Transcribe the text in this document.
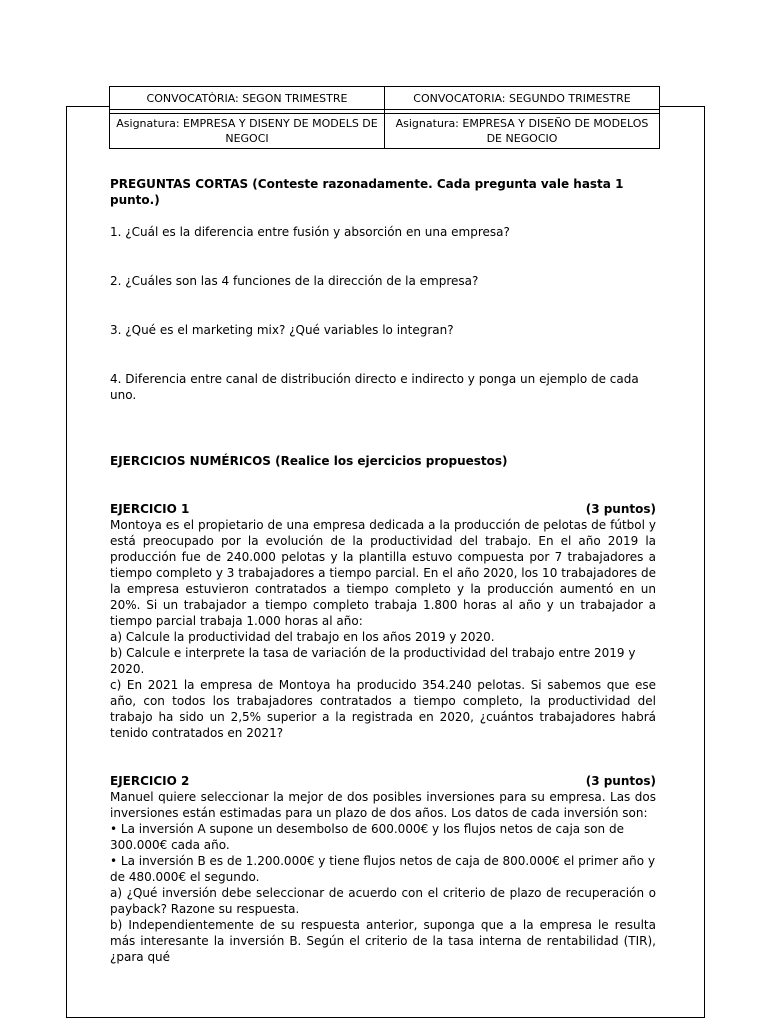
CONVOCATÒRIA: SEGON TRIMESTRE	CONVOCATORIA: SEGUNDO TRIMESTRE

Asignatura: EMPRESA Y DISENY DE MODELS DE NEGOCI	Asignatura: EMPRESA Y DISEÑO DE MODELOS DE NEGOCIO

PREGUNTAS CORTAS (Conteste razonadamente. Cada pregunta vale hasta 1 punto.)

1. ¿Cuál es la diferencia entre fusión y absorción en una empresa?

2. ¿Cuáles son las 4 funciones de la dirección de la empresa?

3. ¿Qué es el marketing mix? ¿Qué variables lo integran?

4. Diferencia entre canal de distribución directo e indirecto y ponga un ejemplo de cada uno.

EJERCICIOS NUMÉRICOS (Realice los ejercicios propuestos)

EJERCICIO 1	(3 puntos)

Montoya es el propietario de una empresa dedicada a la producción de pelotas de fútbol y está preocupado por la evolución de la productividad del trabajo. En el año 2019 la producción fue de 240.000 pelotas y la plantilla estuvo compuesta por 7 trabajadores a tiempo completo y 3 trabajadores a tiempo parcial. En el año 2020, los 10 trabajadores de la empresa estuvieron contratados a tiempo completo y la producción aumentó en un 20%. Si un trabajador a tiempo completo trabaja 1.800 horas al año y un trabajador a tiempo parcial trabaja 1.000 horas al año:

a) Calcule la productividad del trabajo en los años 2019 y 2020.

b) Calcule e interprete la tasa de variación de la productividad del trabajo entre 2019 y 2020.

c) En 2021 la empresa de Montoya ha producido 354.240 pelotas. Si sabemos que ese año, con todos los trabajadores contratados a tiempo completo, la productividad del trabajo ha sido un 2,5% superior a la registrada en 2020, ¿cuántos trabajadores habrá tenido contratados en 2021?

EJERCICIO 2	(3 puntos)

Manuel quiere seleccionar la mejor de dos posibles inversiones para su empresa. Las dos inversiones están estimadas para un plazo de dos años. Los datos de cada inversión son:

• La inversión A supone un desembolso de 600.000€ y los flujos netos de caja son de 300.000€ cada año.

• La inversión B es de 1.200.000€ y tiene flujos netos de caja de 800.000€ el primer año y de 480.000€ el segundo.

a) ¿Qué inversión debe seleccionar de acuerdo con el criterio de plazo de recuperación o payback? Razone su respuesta.

b) Independientemente de su respuesta anterior, suponga que a la empresa le resulta más interesante la inversión B. Según el criterio de la tasa interna de rentabilidad (TIR), ¿para qué
